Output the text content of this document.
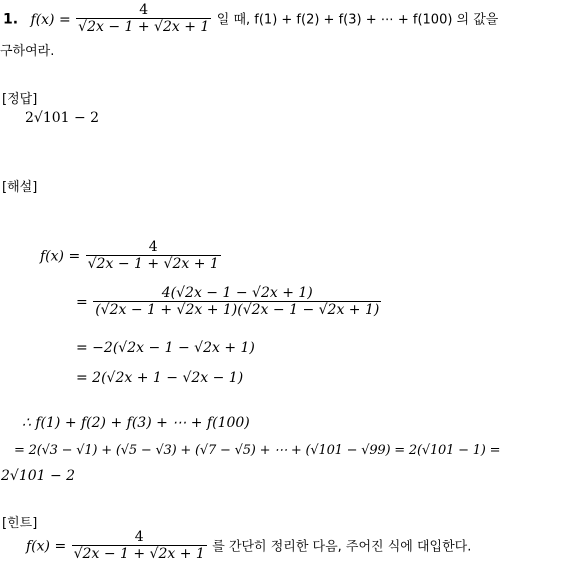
1. $f(x) = \frac{4}{√2x - 1 + √2x + 1}$ 일 때, f(1) + f(2) + f(3) + ⋯ + f(100) 의 값을
구하여라.
[정답]
2√101 − 2
[해설]
$f(x) = \frac{4}{√2x - 1 + √2x + 1}$
= $\frac{4(√2x - 1 - √2x + 1)}{(√2x - 1 + √2x + 1)(√2x - 1 - √2x + 1)}$
= −2(√2x − 1 − √2x + 1)
= 2(√2x + 1 − √2x − 1)
∴ f(1) + f(2) + f(3) + ⋯ + f(100)
= 2(√3 − √1) + (√5 − √3) + (√7 − √5) + ⋯ + (√101 − √99) = 2(√101 − 1) =
2√101 − 2
[힌트]
$f(x) = \frac{4}{√2x - 1 + √2x + 1}$ 를 간단히 정리한 다음, 주어진 식에 대입한다.
